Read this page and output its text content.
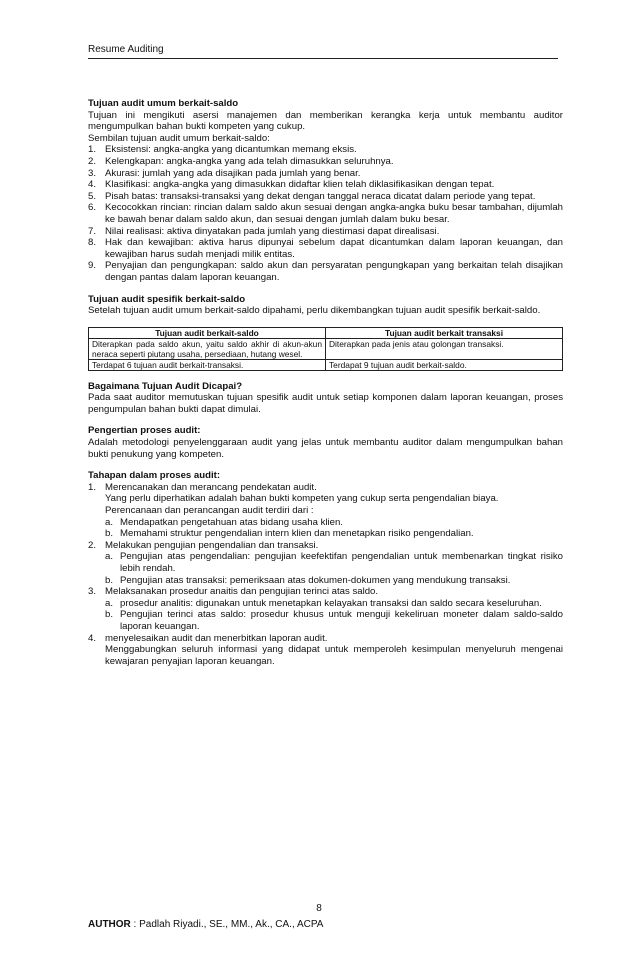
Resume Auditing

Tujuan audit umum berkait-saldo

Tujuan ini mengikuti asersi manajemen dan memberikan kerangka kerja untuk membantu auditor mengumpulkan bahan bukti kompeten yang cukup.

Sembilan tujuan audit umum berkait-saldo:

1. Eksistensi: angka-angka yang dicantumkan memang eksis.
2. Kelengkapan: angka-angka yang ada telah dimasukkan seluruhnya.
3. Akurasi: jumlah yang ada disajikan pada jumlah yang benar.
4. Klasifikasi: angka-angka yang dimasukkan didaftar klien telah diklasifikasikan dengan tepat.
5. Pisah batas: transaksi-transaksi yang dekat dengan tanggal neraca dicatat dalam periode yang tepat.
6. Kecocokkan rincian: rincian dalam saldo akun sesuai dengan angka-angka buku besar tambahan, dijumlah ke bawah benar dalam saldo akun, dan sesuai dengan jumlah dalam buku besar.
7. Nilai realisasi: aktiva dinyatakan pada jumlah yang diestimasi dapat direalisasi.
8. Hak dan kewajiban: aktiva harus dipunyai sebelum dapat dicantumkan dalam laporan keuangan, dan kewajiban harus sudah menjadi milik entitas.
9. Penyajian dan pengungkapan: saldo akun dan persyaratan pengungkapan yang berkaitan telah disajikan dengan pantas dalam laporan keuangan.

Tujuan audit spesifik berkait-saldo

Setelah tujuan audit umum berkait-saldo dipahami, perlu dikembangkan tujuan audit spesifik berkait-saldo.

Tujuan audit berkait-saldo	Tujuan audit berkait transaksi
Diterapkan pada saldo akun, yaitu saldo akhir di akun-akun neraca seperti piutang usaha, persediaan, hutang wesel.	Diterapkan pada jenis atau golongan transaksi.
Terdapat 6 tujuan audit berkait-transaksi.	Terdapat 9 tujuan audit berkait-saldo.

Bagaimana Tujuan Audit Dicapai?

Pada saat auditor memutuskan tujuan spesifik audit untuk setiap komponen dalam laporan keuangan, proses pengumpulan bahan bukti dapat dimulai.

Pengertian proses audit:

Adalah metodologi penyelenggaraan audit yang jelas untuk membantu auditor dalam mengumpulkan bahan bukti penukung yang kompeten.

Tahapan dalam proses audit:

1. Merencanakan dan merancang pendekatan audit.
Yang perlu diperhatikan adalah bahan bukti kompeten yang cukup serta pengendalian biaya.
Perencanaan dan perancangan audit terdiri dari :
a. Mendapatkan pengetahuan atas bidang usaha klien.
b. Memahami struktur pengendalian intern klien dan menetapkan risiko pengendalian.
2. Melakukan pengujian pengendalian dan transaksi.
a. Pengujian atas pengendalian: pengujian keefektifan pengendalian untuk membenarkan tingkat risiko lebih rendah.
b. Pengujian atas transaksi: pemeriksaan atas dokumen-dokumen yang mendukung transaksi.
3. Melaksanakan prosedur anaitis dan pengujian terinci atas saldo.
a. prosedur analitis: digunakan untuk menetapkan kelayakan transaksi dan saldo secara keseluruhan.
b. Pengujian terinci atas saldo: prosedur khusus untuk menguji kekeliruan moneter dalam saldo-saldo laporan keuangan.
4. menyelesaikan audit dan menerbitkan laporan audit.
Menggabungkan seluruh informasi yang didapat untuk memperoleh kesimpulan menyeluruh mengenai kewajaran penyajian laporan keuangan.
8
AUTHOR : Padlah Riyadi., SE., MM., Ak., CA., ACPA
